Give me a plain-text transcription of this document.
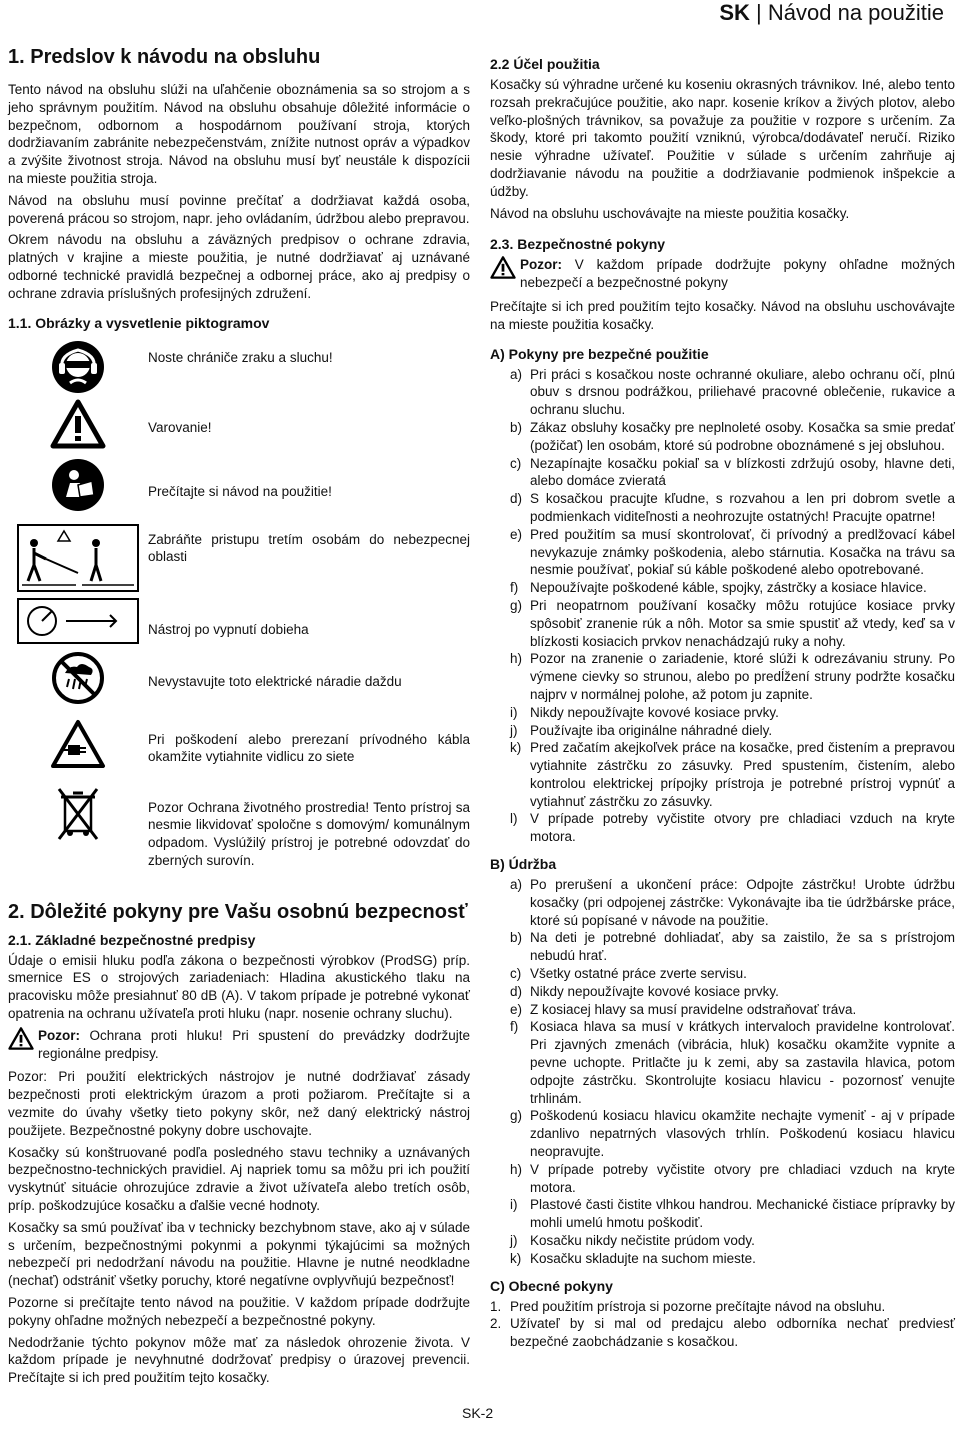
SK | Návod na použitie
1. Predslov k návodu na obsluhu

Tento návod na obsluhu slúži na uľahčenie oboznámenia sa so strojom a s jeho správnym použitím. Návod na obsluhu obsahuje dôležité informácie o bezpečnom, odbornom a hospodárnom používaní stroja, ktorých dodržiavaním zabránite nebezpečenstvám, znížite nutnost opráv a výpadkov a zvýšite životnost stroja. Návod na obsluhu musí byť neustále k dispozícii na mieste použitia stroja.

Návod na obsluhu musí povinne prečítať a dodržiavat každá osoba, poverená prácou so strojom, napr. jeho ovládaním, údržbou alebo prepravou.

Okrem návodu na obsluhu a záväzných predpisov o ochrane zdravia, platných v krajine a mieste použitia, je nutné dodržiavať aj uznávané odborné technické pravidlá bezpečnej a odbornej práce, ako aj predpisy o ochrane zdravia príslušných profesijných združení.

1.1. Obrázky a vysvetlenie piktogramov
Noste chrániče zraku a sluchu!
Varovanie!
Prečítajte si návod na použitie!
Zabráňte pristupu tretím osobám do nebezpecnej oblasti
Nástroj po vypnutí dobieha
Nevystavujte toto elektrické náradie daždu
Pri poškodení alebo prerezaní prívodného kábla okamžite vytiahnite vidlicu zo siete
Pozor Ochrana životného prostredia! Tento prístroj sa nesmie likvidovať spoločne s domovým/ komunálnym odpadom. Vyslúžilý prístroj je potrebné odovzdať do zberných surovín.
2. Dôležité pokyny pre Vašu osobnú bezpecnosť
2.1. Základné bezpečnostné predpisy

Údaje o emisii hluku podľa zákona o bezpečnosti výrobkov (ProdSG) príp. smernice ES o strojových zariadeniach: Hladina akustického tlaku na pracovisku môže presiahnuť 80 dB (A). V takom prípade je potrebné vykonať opatrenia na ochranu užívateľa proti hluku (napr. nosenie ochrany sluchu).

Pozor: Ochrana proti hluku! Pri spustení do prevádzky dodržujte regionálne predpisy.

Pozor: Pri použití elektrických nástrojov je nutné dodržiavať zásady bezpečnosti proti elektrickým úrazom a proti požiarom. Prečítajte si a vezmite do úvahy všetky tieto pokyny skôr, než daný elektrický nástroj použijete. Bezpečnostné pokyny dobre uschovajte.

Kosačky sú konštruované podľa posledného stavu techniky a uznávaných bezpečnostno-technických pravidiel. Aj napriek tomu sa môžu pri ich použití vyskytnúť situácie ohrozujúce zdravie a život užívateľa alebo tretích osôb, príp. poškodzujúce kosačku a ďalšie vecné hodnoty.

Kosačky sa smú používať iba v technicky bezchybnom stave, ako aj v súlade s určením, bezpečnostnými pokynmi a pokynmi týkajúcimi sa možných nebezpečí pri nedodržaní návodu na použitie. Hlavne je nutné neodkladne (nechať) odstrániť všetky poruchy, ktoré negatívne ovplyvňujú bezpečnosť!

Pozorne si prečítajte tento návod na použitie. V každom prípade dodržujte pokyny ohľadne možných nebezpečí a bezpečnostné pokyny.

Nedodržanie týchto pokynov môže mať za následok ohrozenie života. V každom prípade je nevyhnutné dodržovať predpisy o úrazovej prevencii. Prečítajte si ich pred použitím tejto kosačky.

2.2 Účel použitia

Kosačky sú výhradne určené ku koseniu okrasných trávnikov. Iné, alebo tento rozsah prekračujúce použitie, ako napr. kosenie kríkov a živých plotov, alebo veľko-plošných trávnikov, sa považuje za použitie v rozpore s určením. Za škody, ktoré pri takomto použití vzniknú, výrobca/dodávateľ neručí. Riziko nesie výhradne užívateľ. Použitie v súlade s určením zahrňuje aj dodržiavanie návodu na použitie a dodržiavanie podmienok inšpekcie a údžby.

Návod na obsluhu uschovávajte na mieste použitia kosačky.

2.3. Bezpečnostné pokyny

Pozor: V každom prípade dodržujte pokyny ohľadne možných nebezpečí a bezpečnostné pokyny

Prečítajte si ich pred použitím tejto kosačky. Návod na obsluhu uschovávajte na mieste použitia kosačky.

A) Pokyny pre bezpečné použitie
a) Pri práci s kosačkou noste ochranné okuliare, alebo ochranu očí, plnú obuv s drsnou podrážkou, priliehavé pracovné oblečenie, rukavice a ochranu sluchu.
b) Zákaz obsluhy kosačky pre neplnoleté osoby. Kosačka sa smie predať (požičať) len osobám, ktoré sú podrobne oboznámené s jej obsluhou.
c) Nezapínajte kosačku pokiaľ sa v blízkosti zdržujú osoby, hlavne deti, alebo domáce zvieratá
d) S kosačkou pracujte kľudne, s rozvahou a len pri dobrom svetle a podmienkach viditeľnosti a neohrozujte ostatných! Pracujte opatrne!
e) Pred použitím sa musí skontrolovať, či prívodný a predlžovací kábel nevykazuje známky poškodenia, alebo stárnutia. Kosačka na trávu sa nesmie používať, pokiaľ sú káble poškodené alebo opotrebované.
f) Nepoužívajte poškodené káble, spojky, zástrčky a kosiace hlavice.
g) Pri neopatrnom používaní kosačky môžu rotujúce kosiace prvky spôsobiť zranenie rúk a nôh. Motor sa smie spustiť až vtedy, keď sa v blízkosti kosiacich prvkov nenachádzajú ruky a nohy.
h) Pozor na zranenie o zariadenie, ktoré slúži k odrezávaniu struny. Po výmene cievky so strunou, alebo po predĺžení struny podržte kosačku najprv v normálnej polohe, až potom ju zapnite.
i) Nikdy nepoužívajte kovové kosiace prvky.
j) Používajte iba originálne náhradné diely.
k) Pred začatím akejkoľvek práce na kosačke, pred čistením a prepravou vytiahnite zástrčku zo zásuvky. Pred spustením, čistením, alebo kontrolou elektrickej prípojky prístroja je potrebné prístroj vypnúť a vytiahnuť zástrčku zo zásuvky.
l) V prípade potreby vyčistite otvory pre chladiaci vzduch na kryte motora.
B) Údržba
a) Po prerušení a ukončení práce: Odpojte zástrčku! Urobte údržbu kosačky (pri odpojenej zástrčke: Vykonávajte iba tie údržbárske práce, ktoré sú popísané v návode na použitie.
b) Na deti je potrebné dohliadať, aby sa zaistilo, že sa s prístrojom nebudú hrať.
c) Všetky ostatné práce zverte servisu.
d) Nikdy nepoužívajte kovové kosiace prvky.
e) Z kosiacej hlavy sa musí pravidelne odstraňovať tráva.
f) Kosiaca hlava sa musí v krátkych intervaloch pravidelne kontrolovať. Pri zjavných zmenách (vibrácia, hluk) kosačku okamžite vypnite a pevne uchopte. Pritlačte ju k zemi, aby sa zastavila hlavica, potom odpojte zástrčku. Skontrolujte kosiacu hlavicu - pozornosť venujte trhlinám.
g) Poškodenú kosiacu hlavicu okamžite nechajte vymeniť - aj v prípade zdanlivo nepatrných vlasových trhlín. Poškodenú kosiacu hlavicu neopravujte.
h) V prípade potreby vyčistite otvory pre chladiaci vzduch na kryte motora.
i) Plastové časti čistite vlhkou handrou. Mechanické čistiace prípravky by mohli umelú hmotu poškodiť.
j) Kosačku nikdy nečistite prúdom vody.
k) Kosačku skladujte na suchom mieste.
C) Obecné pokyny
1. Pred použitím prístroja si pozorne prečítajte návod na obsluhu.
2. Užívateľ by si mal od predajcu alebo odborníka nechať predviesť bezpečné zaobchádzanie s kosačkou.
SK-2
